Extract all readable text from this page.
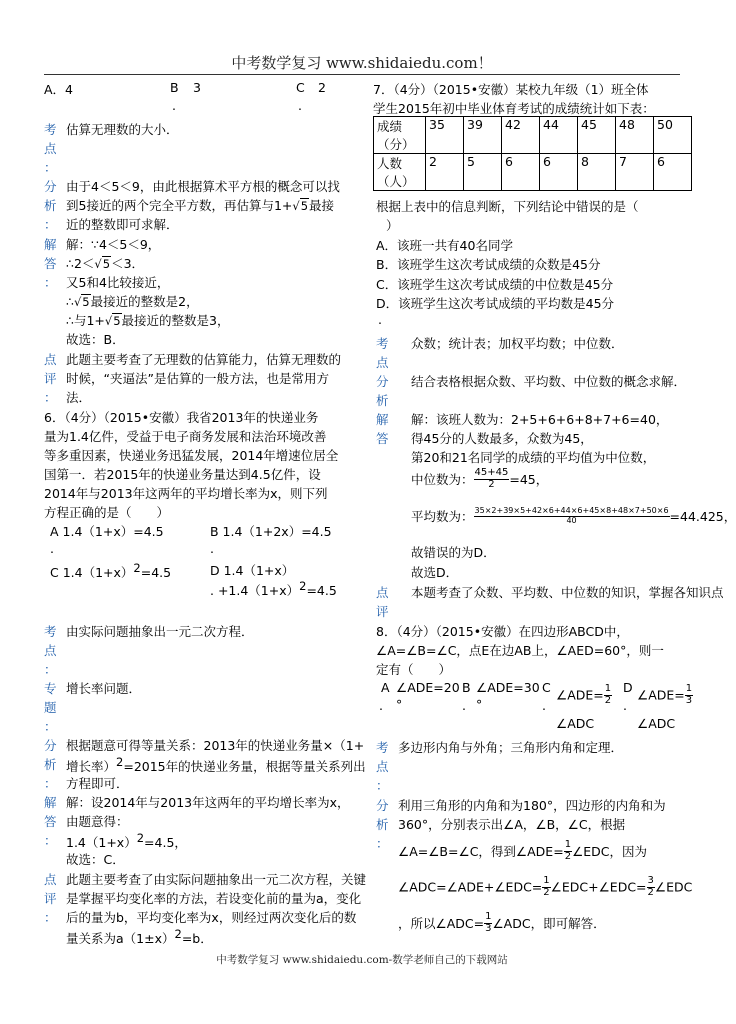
中考数学复习 www.shidaiedu.com！
A．4	B 3
.
C 2
.
考
点
：
估算无理数的大小．
分
析
：
由于4＜5＜9，由此根据算术平方根的概念可以找
到5接近的两个完全平方数，再估算与1+√5最接
近的整数即可求解．
解
答
：
解：∵4＜5＜9，
∴2＜√5＜3．
又5和4比较接近，
∴√5最接近的整数是2，
∴与1+√5最接近的整数是3，
故选：B．
点
评
：
此题主要考查了无理数的估算能力，估算无理数的
时候，“夹逼法”是估算的一般方法，也是常用方
法．
6．（4分）（2015•安徽）我省2013年的快递业务
量为1.4亿件，受益于电子商务发展和法治环境改善
等多重因素，快递业务迅猛发展，2014年增速位居全
国第一．若2015年的快递业务量达到4.5亿件，设
2014年与2013年这两年的平均增长率为x，则下列
方程正确的是（　　）
A 1.4（1+x）=4.5
.
B 1.4（1+2x）=4.5
.
C $1.4(1+x)^2=4.5$	D 1.4（1+x）
. $+1.4(1+x)^2=4.5$
考
点
：
由实际问题抽象出一元二次方程．
专
题
：
增长率问题．
分
析
：
根据题意可得等量关系：2013年的快递业务量×（1+
增长率）$^2$=2015年的快递业务量，根据等量关系列出
方程即可．
解
答
：
解：设2014年与2013年这两年的平均增长率为x，
由题意得：
$1.4(1+x)^2=4.5$，
故选：C．
点
评
：
此题主要考查了由实际问题抽象出一元二次方程，关键
是掌握平均变化率的方法，若设变化前的量为a，变化
后的量为b，平均变化率为x，则经过两次变化后的数
量关系为$a(1\pm x)^2=b$．
7．（4分）（2015•安徽）某校九年级（1）班全体
学生2015年初中毕业体育考试的成绩统计如下表：
成绩
（分）	35	39	42	44	45	48	50
人数
（人）	2	5	6	6	8	7	6
根据上表中的信息判断，下列结论中错误的是（
）
A．该班一共有40名同学
B．该班学生这次考试成绩的众数是45分
C．该班学生这次考试成绩的中位数是45分
D．该班学生这次考试成绩的平均数是45分
.
考
点
众数；统计表；加权平均数；中位数．
分
析
结合表格根据众数、平均数、中位数的概念求解．
解
答
解：该班人数为：2+5+6+6+8+7+6=40，
得45分的人数最多，众数为45，
第20和21名同学的成绩的平均值为中位数，
中位数为： $\frac{45+45}{2} =45$，
平均数为： $\frac{35\times 2+39\times 5+42\times 6+44\times 6+45\times 8+48\times 7+50\times 6}{40} =44.425$，
故错误的为D．
故选D．
点
评
本题考查了众数、平均数、中位数的知识，掌握各知识点
8．（4分）（2015•安徽）在四边形ABCD中，
∠A=∠B=∠C，点E在边AB上，∠AED=60°，则一
定有（　　）
A
.
∠ADE=20
°
B
.
∠ADE=30
°
C
.
∠ADE= $\frac{1}{2}$
∠ADC
D
.
∠ADE= $\frac{1}{3}$
∠ADC
考
点
：
多边形内角与外角；三角形内角和定理．
分
析
：
利用三角形的内角和为180°，四边形的内角和为
360°，分别表示出∠A，∠B，∠C，根据
∠A=∠B=∠C，得到∠ADE= $\frac{1}{2}$ ∠EDC，因为
∠ADC=∠ADE+∠EDC= $\frac{1}{2}$ ∠EDC+∠EDC= $\frac{3}{2}$ ∠EDC
，所以∠ADC= $\frac{1}{3}$ ∠ADC，即可解答．
中考数学复习 www.shidaiedu.com-数学老师自己的下载网站
